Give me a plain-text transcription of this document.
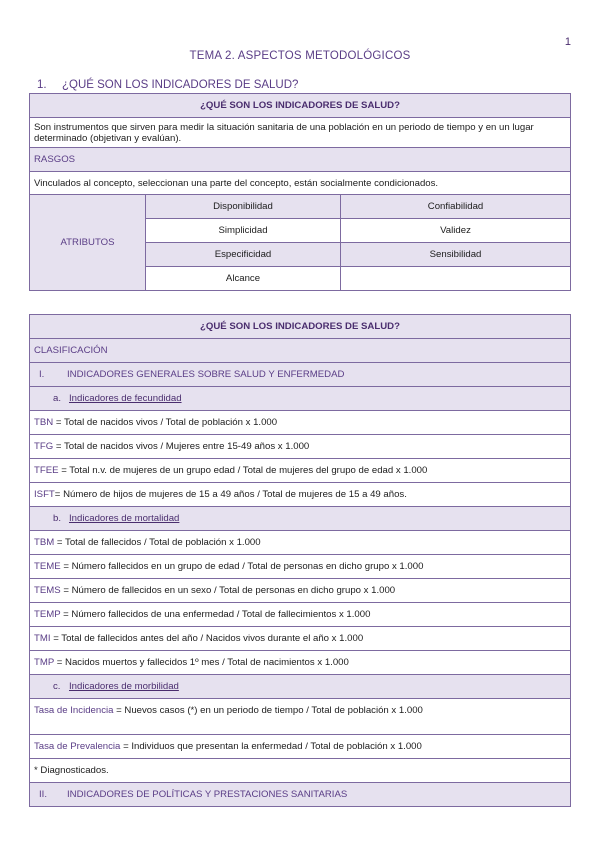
1
TEMA 2. ASPECTOS METODOLÓGICOS
1. ¿QUÉ SON LOS INDICADORES DE SALUD?
¿QUÉ SON LOS INDICADORES DE SALUD?		
Son instrumentos que sirven para medir la situación sanitaria de una población en un periodo de tiempo y en un lugar determinado (objetivan y evalúan).		
RASGOS		
Vinculados al concepto, seleccionan una parte del concepto, están socialmente condicionados.		
ATRIBUTOS	Disponibilidad	Confiabilidad
	Simplicidad	Validez
	Especificidad	Sensibilidad
	Alcance	
¿QUÉ SON LOS INDICADORES DE SALUD?
CLASIFICACIÓN
I. INDICADORES GENERALES SOBRE SALUD Y ENFERMEDAD
a. Indicadores de fecundidad
TBN = Total de nacidos vivos / Total de población x 1.000
TFG = Total de nacidos vivos / Mujeres entre 15-49 años x 1.000
TFEE = Total n.v. de mujeres de un grupo edad / Total de mujeres del grupo de edad x 1.000
ISFT= Número de hijos de mujeres de 15 a 49 años / Total de mujeres de 15 a 49 años.
b. Indicadores de mortalidad
TBM = Total de fallecidos / Total de población x 1.000
TEME = Número fallecidos en un grupo de edad / Total de personas en dicho grupo x 1.000
TEMS = Número de fallecidos en un sexo / Total de personas en dicho grupo x 1.000
TEMP = Número fallecidos de una enfermedad / Total de fallecimientos x 1.000
TMI = Total de fallecidos antes del año / Nacidos vivos durante el año x 1.000
TMP = Nacidos muertos y fallecidos 1º mes / Total de nacimientos x 1.000
c. Indicadores de morbilidad
Tasa de Incidencia = Nuevos casos (*) en un periodo de tiempo / Total de población x 1.000
Tasa de Prevalencia = Individuos que presentan la enfermedad / Total de población x 1.000
* Diagnosticados.
II. INDICADORES DE POLÍTICAS Y PRESTACIONES SANITARIAS
